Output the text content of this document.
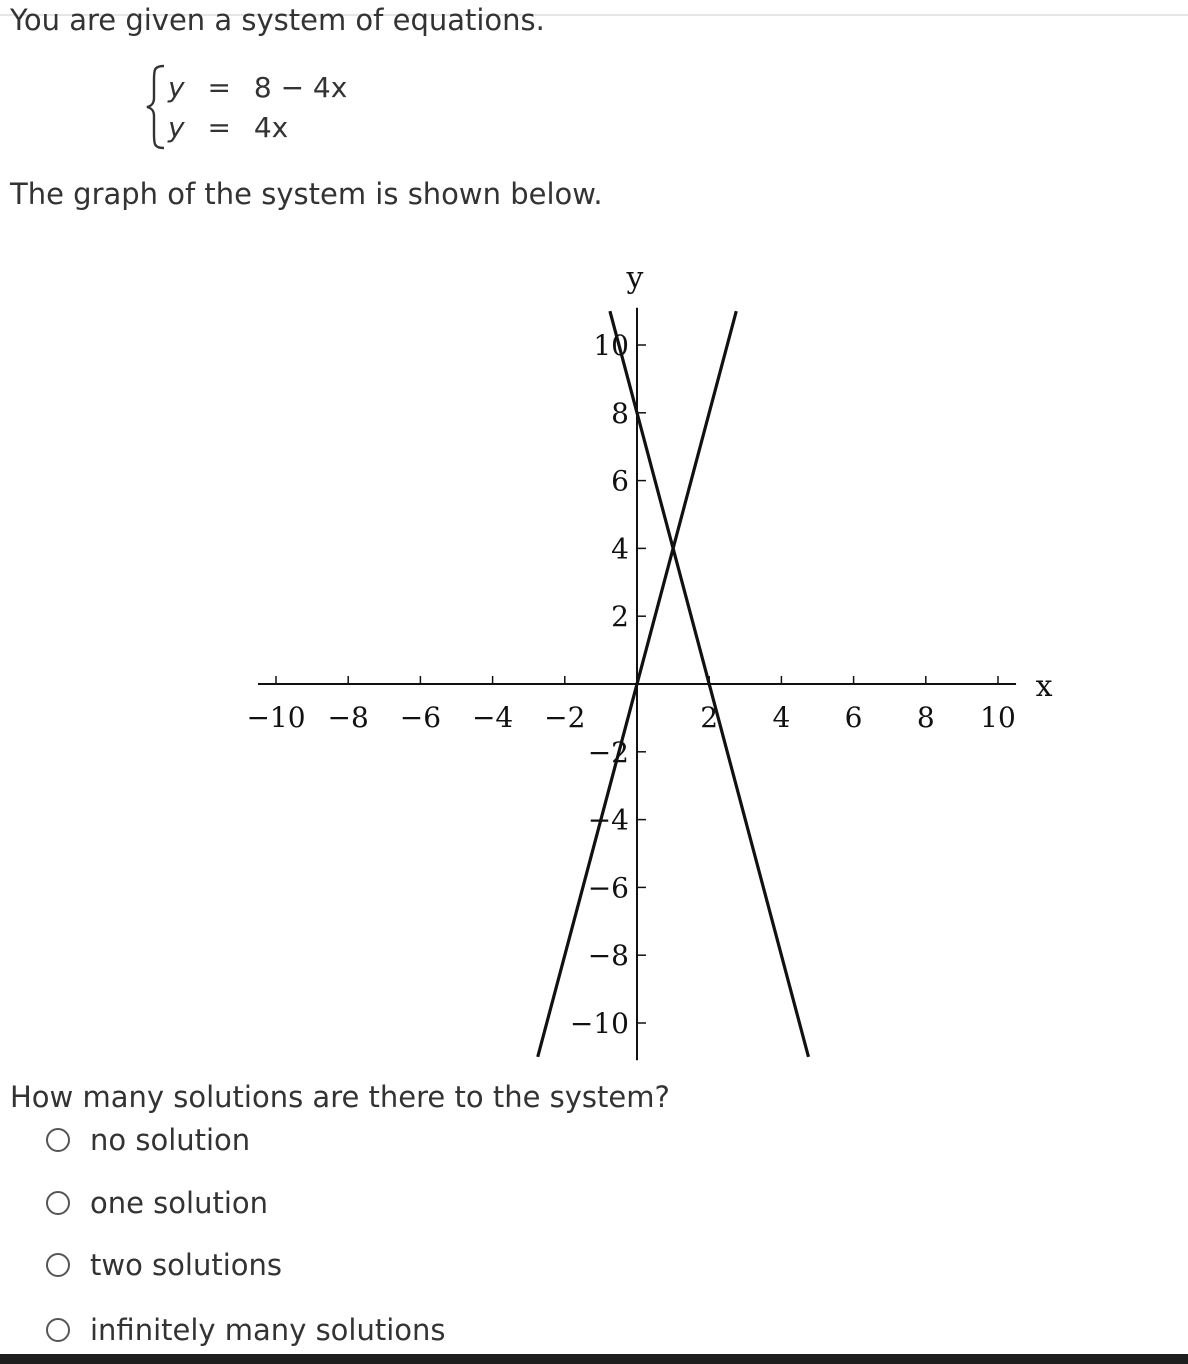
You are given a system of equations.
y = 8 − 4x
y = 4x
The graph of the system is shown below.
−10 −8 −6 −4 −2	2 4 6 8 10
−10
−8
−6
−4
−2
2
4
6
8
10
x
y
How many solutions are there to the system?
no solution
one solution
two solutions
infinitely many solutions
